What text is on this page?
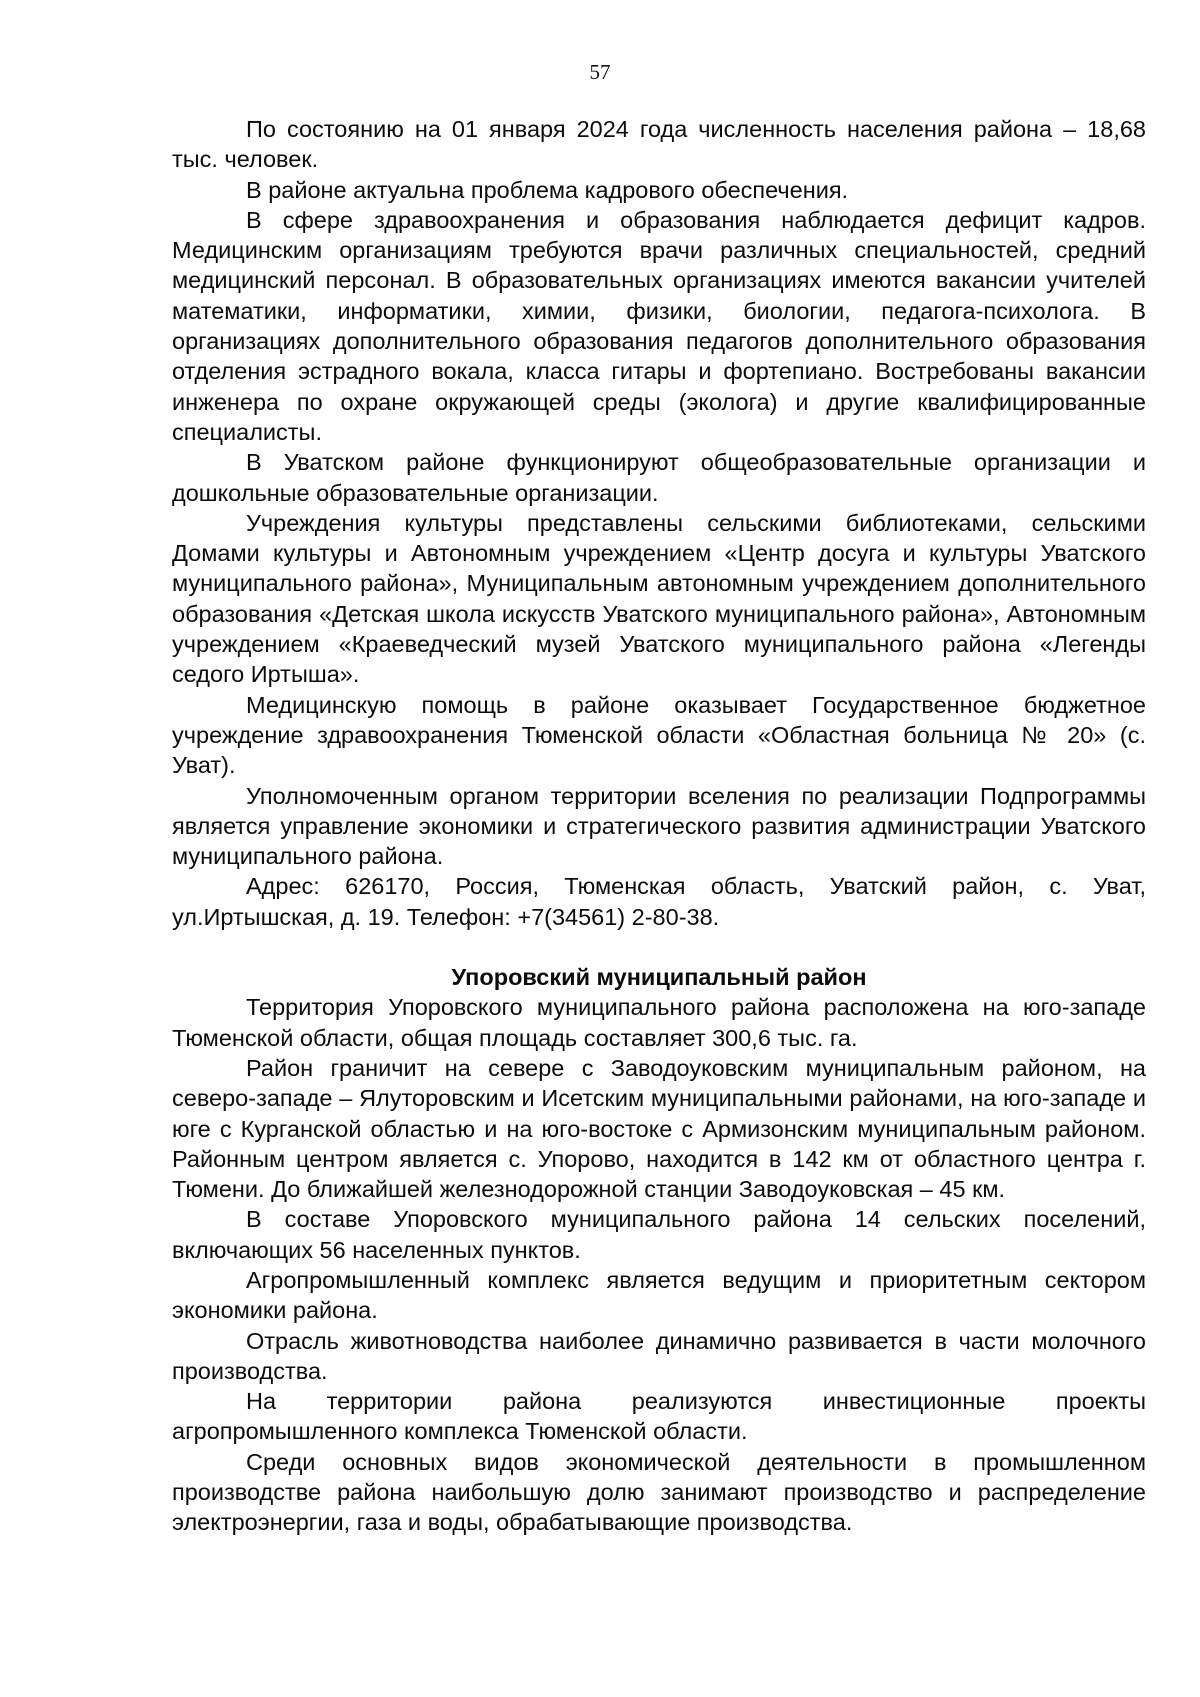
57

По состоянию на 01 января 2024 года численность населения района – 18,68 тыс. человек.

В районе актуальна проблема кадрового обеспечения.

В сфере здравоохранения и образования наблюдается дефицит кадров. Медицинским организациям требуются врачи различных специальностей, средний медицинский персонал. В образовательных организациях имеются вакансии учителей математики, информатики, химии, физики, биологии, педагога-психолога. В организациях дополнительного образования педагогов дополнительного образования отделения эстрадного вокала, класса гитары и фортепиано. Востребованы вакансии инженера по охране окружающей среды (эколога) и другие квалифицированные специалисты.

В Уватском районе функционируют общеобразовательные организации и дошкольные образовательные организации.

Учреждения культуры представлены сельскими библиотеками, сельскими Домами культуры и Автономным учреждением «Центр досуга и культуры Уватского муниципального района», Муниципальным автономным учреждением дополнительного образования «Детская школа искусств Уватского муниципального района», Автономным учреждением «Краеведческий музей Уватского муниципального района «Легенды седого Иртыша».

Медицинскую помощь в районе оказывает Государственное бюджетное учреждение здравоохранения Тюменской области «Областная больница № 20» (с. Уват).

Уполномоченным органом территории вселения по реализации Подпрограммы является управление экономики и стратегического развития администрации Уватского муниципального района.

Адрес: 626170, Россия, Тюменская область, Уватский район, с. Уват, ул.Иртышская, д. 19. Телефон: +7(34561) 2-80-38.

Упоровский муниципальный район

Территория Упоровского муниципального района расположена на юго-западе Тюменской области, общая площадь составляет 300,6 тыс. га.

Район граничит на севере с Заводоуковским муниципальным районом, на северо-западе – Ялуторовским и Исетским муниципальными районами, на юго-западе и юге с Курганской областью и на юго-востоке с Армизонским муниципальным районом. Районным центром является с. Упорово, находится в 142 км от областного центра г. Тюмени. До ближайшей железнодорожной станции Заводоуковская – 45 км.

В составе Упоровского муниципального района 14 сельских поселений, включающих 56 населенных пунктов.

Агропромышленный комплекс является ведущим и приоритетным сектором экономики района.

Отрасль животноводства наиболее динамично развивается в части молочного производства.

На территории района реализуются инвестиционные проекты агропромышленного комплекса Тюменской области.

Среди основных видов экономической деятельности в промышленном производстве района наибольшую долю занимают производство и распределение электроэнергии, газа и воды, обрабатывающие производства.
